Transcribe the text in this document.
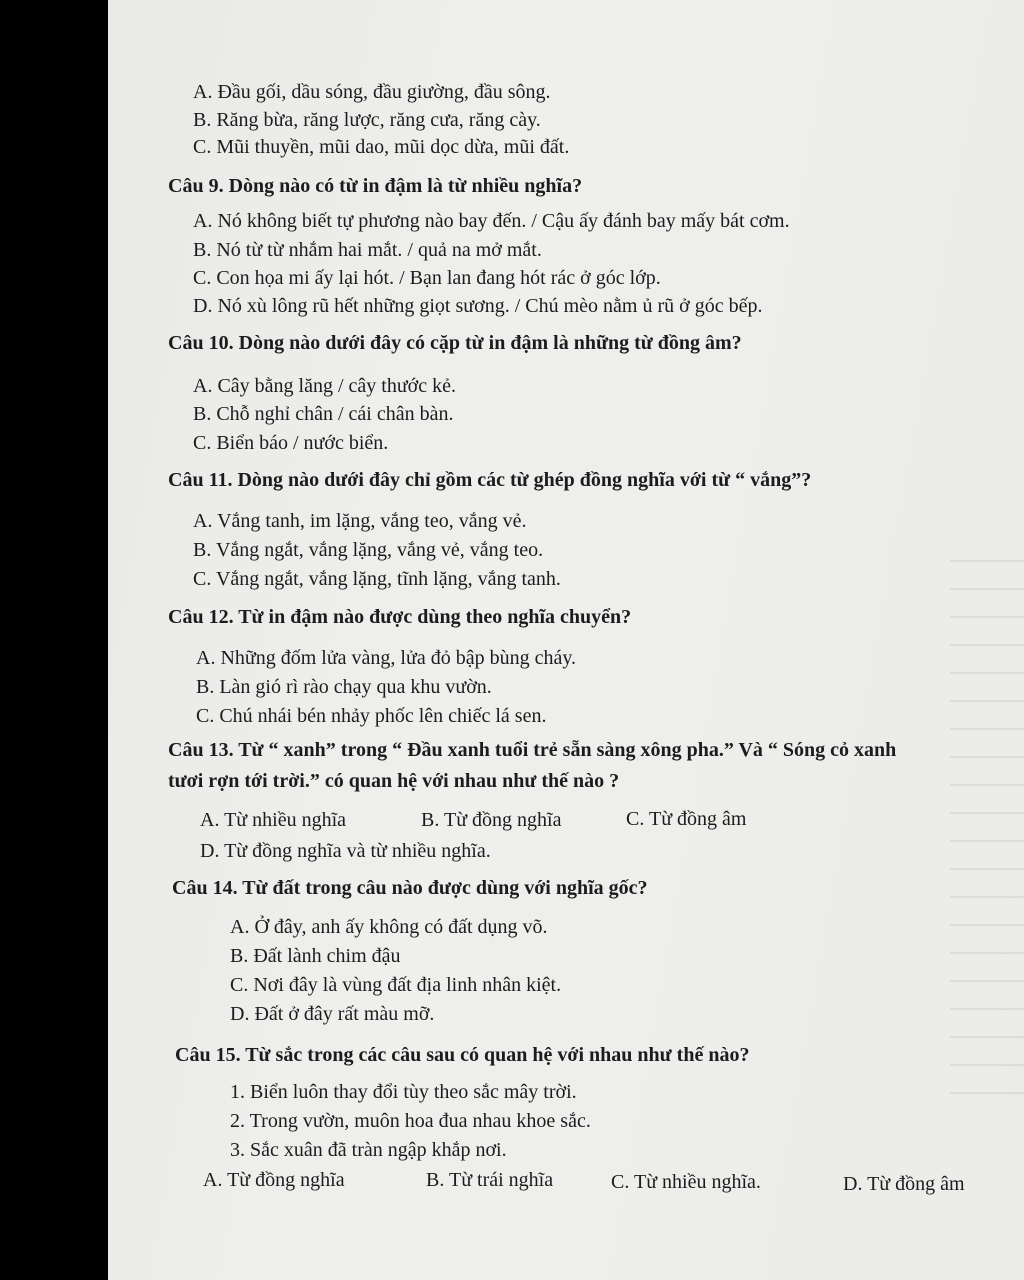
A. Đầu gối, dầu sóng, đầu giường, đầu sông.
B. Răng bừa, răng lược, răng cưa, răng cày.
C. Mũi thuyền, mũi dao, mũi dọc dừa, mũi đất.
Câu 9. Dòng nào có từ in đậm là từ nhiều nghĩa?
A. Nó không biết tự phương nào bay đến. / Cậu ấy đánh bay mấy bát cơm.
B. Nó từ từ nhắm hai mắt. / quả na mở mắt.
C. Con họa mi ấy lại hót. / Bạn lan đang hót rác ở góc lớp.
D. Nó xù lông rũ hết những giọt sương. / Chú mèo nằm ủ rũ ở góc bếp.
Câu 10. Dòng nào dưới đây có cặp từ in đậm là những từ đồng âm?
A. Cây bằng lăng / cây thước kẻ.
B. Chỗ nghỉ chân / cái chân bàn.
C. Biển báo / nước biển.
Câu 11. Dòng nào dưới đây chỉ gồm các từ ghép đồng nghĩa với từ “ vắng”?
A. Vắng tanh, im lặng, vắng teo, vắng vẻ.
B. Vắng ngắt, vắng lặng, vắng vẻ, vắng teo.
C. Vắng ngắt, vắng lặng, tĩnh lặng, vắng tanh.
Câu 12. Từ in đậm nào được dùng theo nghĩa chuyển?
A. Những đốm lửa vàng, lửa đỏ bập bùng cháy.
B. Làn gió rì rào chạy qua khu vườn.
C. Chú nhái bén nhảy phốc lên chiếc lá sen.
Câu 13. Từ “ xanh” trong “ Đầu xanh tuổi trẻ sẵn sàng xông pha.” Và “ Sóng cỏ xanh
tươi rợn tới trời.” có quan hệ với nhau như thế nào ?
A. Từ nhiều nghĩa	B. Từ đồng nghĩa	C. Từ đồng âm
D. Từ đồng nghĩa và từ nhiều nghĩa.
Câu 14. Từ đất trong câu nào được dùng với nghĩa gốc?
A. Ở đây, anh ấy không có đất dụng võ.
B. Đất lành chim đậu
C. Nơi đây là vùng đất địa linh nhân kiệt.
D. Đất ở đây rất màu mỡ.
Câu 15. Từ sắc trong các câu sau có quan hệ với nhau như thế nào?
1. Biển luôn thay đổi tùy theo sắc mây trời.
2. Trong vườn, muôn hoa đua nhau khoe sắc.
3. Sắc xuân đã tràn ngập khắp nơi.
A. Từ đồng nghĩa	B. Từ trái nghĩa	C. Từ nhiều nghĩa.	D. Từ đồng âm
